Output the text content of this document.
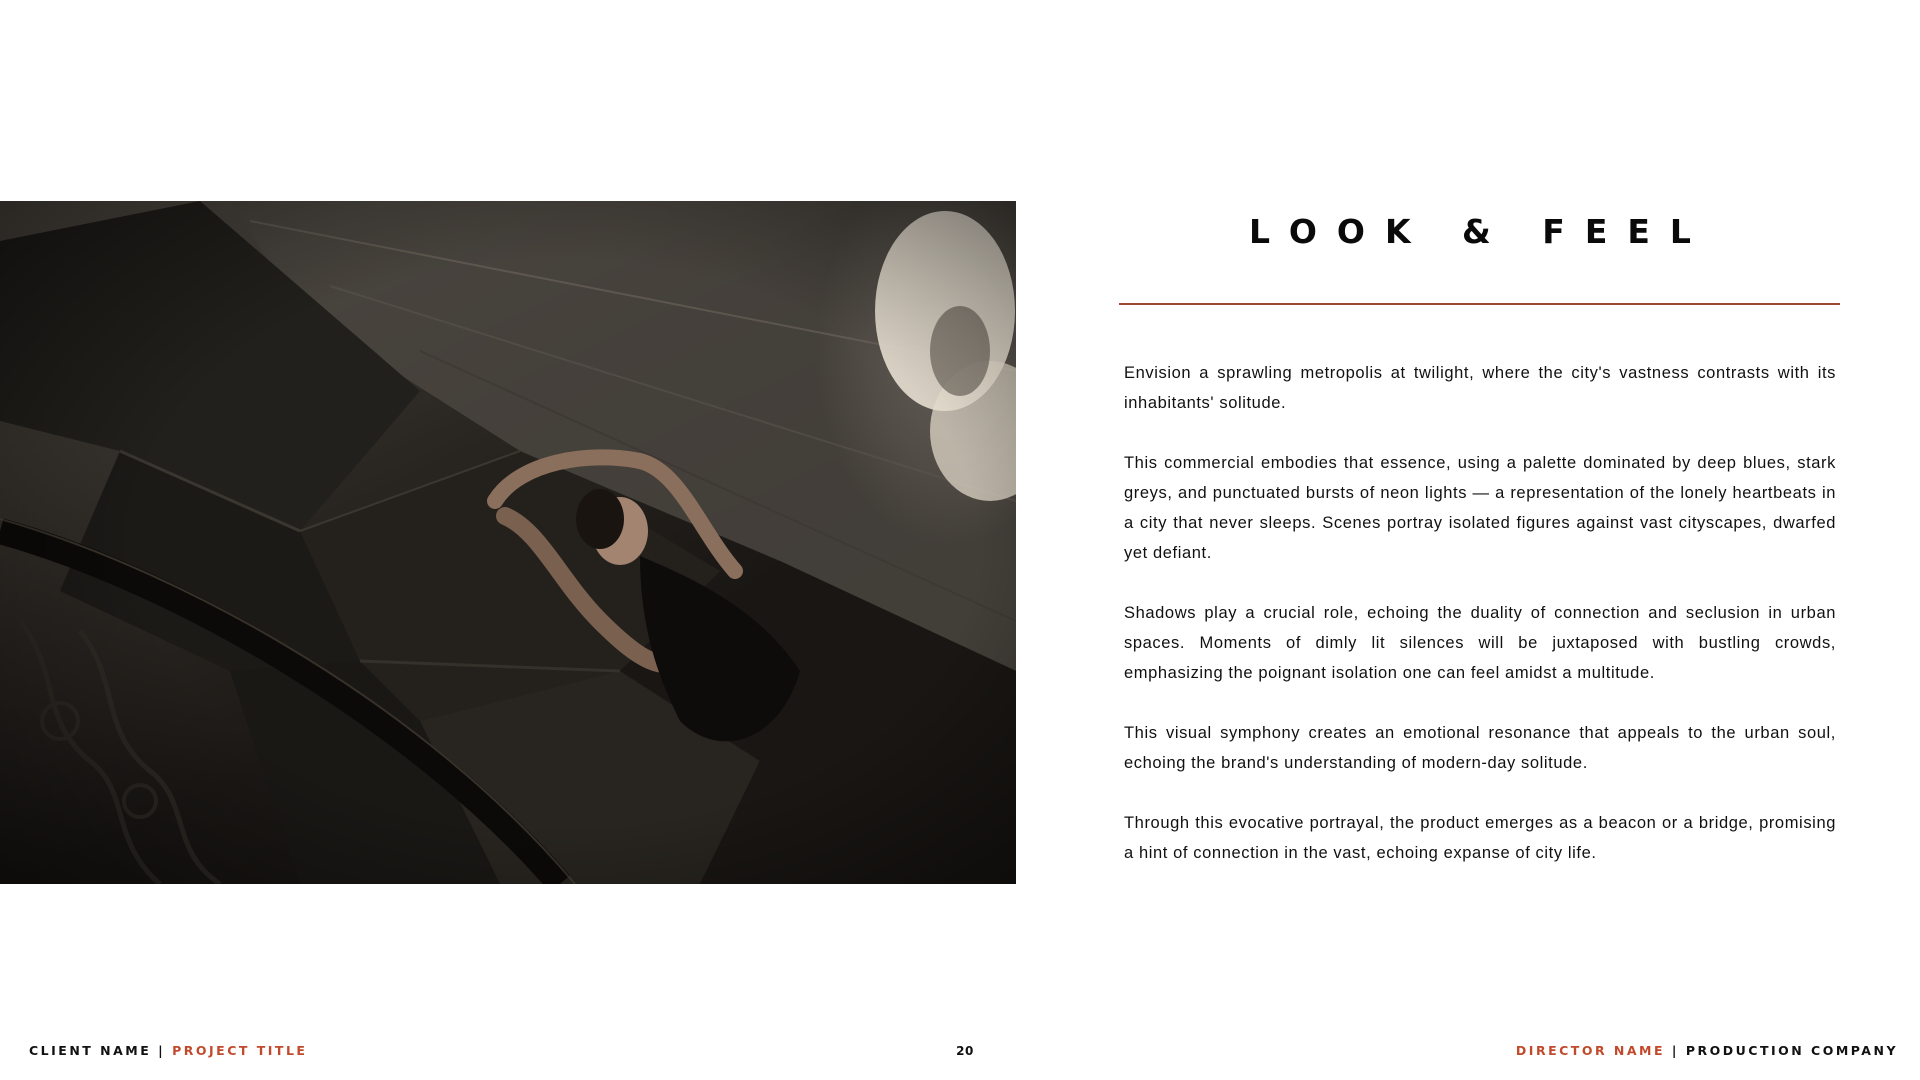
LOOK & FEEL

Envision a sprawling metropolis at twilight, where the city's vastness contrasts with its inhabitants' solitude.

This commercial embodies that essence, using a palette dominated by deep blues, stark greys, and punctuated bursts of neon lights — a representation of the lonely heartbeats in a city that never sleeps. Scenes portray isolated figures against vast cityscapes, dwarfed yet defiant.

Shadows play a crucial role, echoing the duality of connection and seclusion in urban spaces. Moments of dimly lit silences will be juxtaposed with bustling crowds, emphasizing the poignant isolation one can feel amidst a multitude.

This visual symphony creates an emotional resonance that appeals to the urban soul, echoing the brand's understanding of modern-day solitude.

Through this evocative portrayal, the product emerges as a beacon or a bridge, promising a hint of connection in the vast, echoing expanse of city life.

CLIENT NAME | PROJECT TITLE	20	DIRECTOR NAME | PRODUCTION COMPANY
